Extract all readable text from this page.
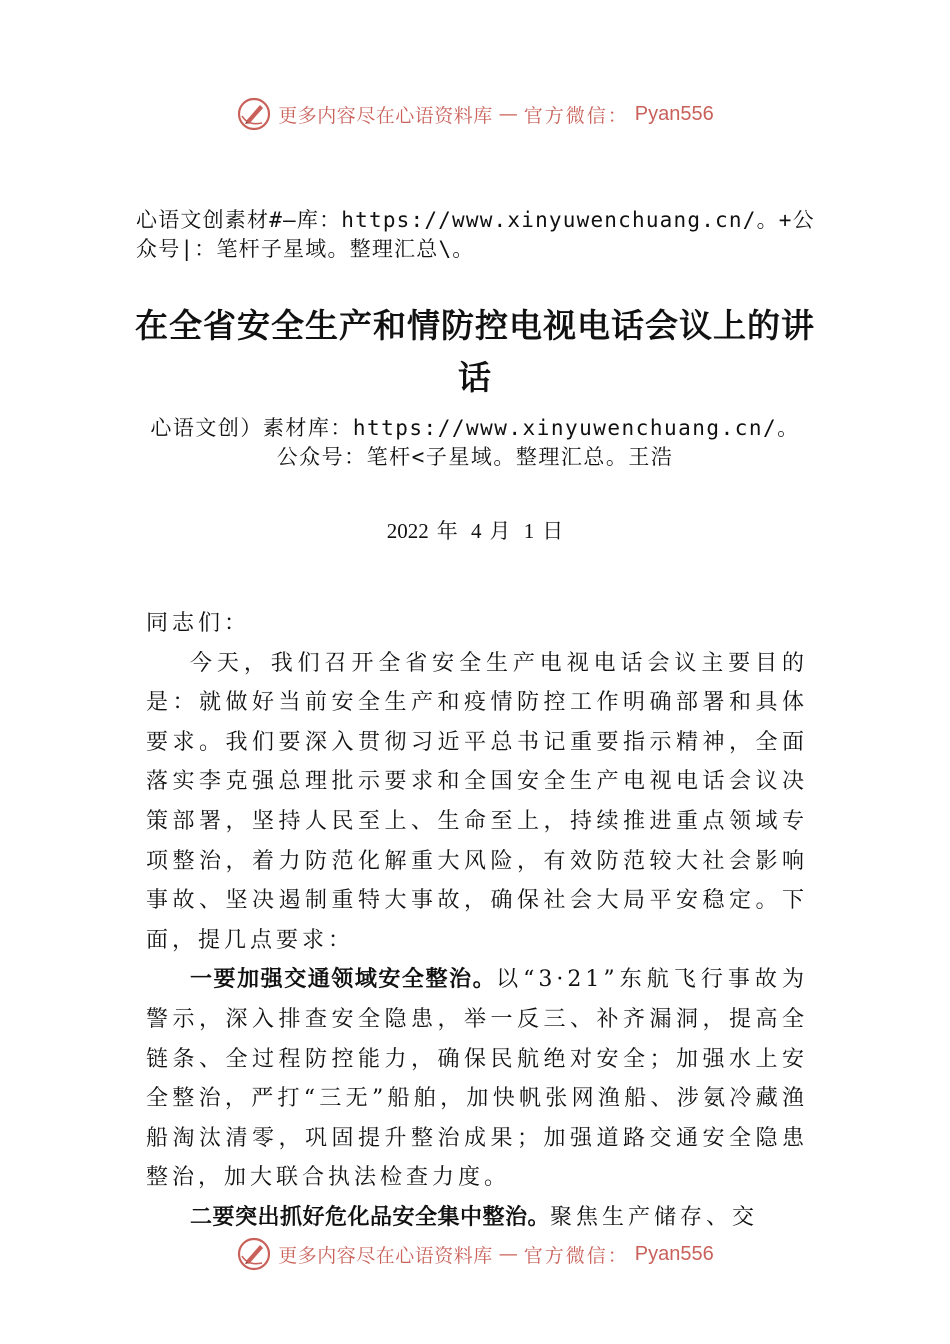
更多内容尽在心语资料库 — 官方微信： Pyan556
心语文创素材#—库：https://www.xinyuwenchuang.cn/。+公众号|：笔杆子星域。整理汇总\。
在全省安全生产和情防控电视电话会议上的讲话
心语文创）素材库：https://www.xinyuwenchuang.cn/。公众号：笔杆<子星域。整理汇总。王浩
2022 年 4 月 1 日

同志们：

今天，我们召开全省安全生产电视电话会议主要目的是：就做好当前安全生产和疫情防控工作明确部署和具体要求。我们要深入贯彻习近平总书记重要指示精神，全面落实李克强总理批示要求和全国安全生产电视电话会议决策部署，坚持人民至上、生命至上，持续推进重点领域专项整治，着力防范化解重大风险，有效防范较大社会影响事故、坚决遏制重特大事故，确保社会大局平安稳定。下面，提几点要求：

一要加强交通领域安全整治。以“3·21”东航飞行事故为警示，深入排查安全隐患，举一反三、补齐漏洞，提高全链条、全过程防控能力，确保民航绝对安全；加强水上安全整治，严打“三无”船舶，加快帆张网渔船、涉氨冷藏渔船淘汰清零，巩固提升整治成果；加强道路交通安全隐患整治，加大联合执法检查力度。

二要突出抓好危化品安全集中整治。聚焦生产储存、交

更多内容尽在心语资料库 — 官方微信： Pyan556
